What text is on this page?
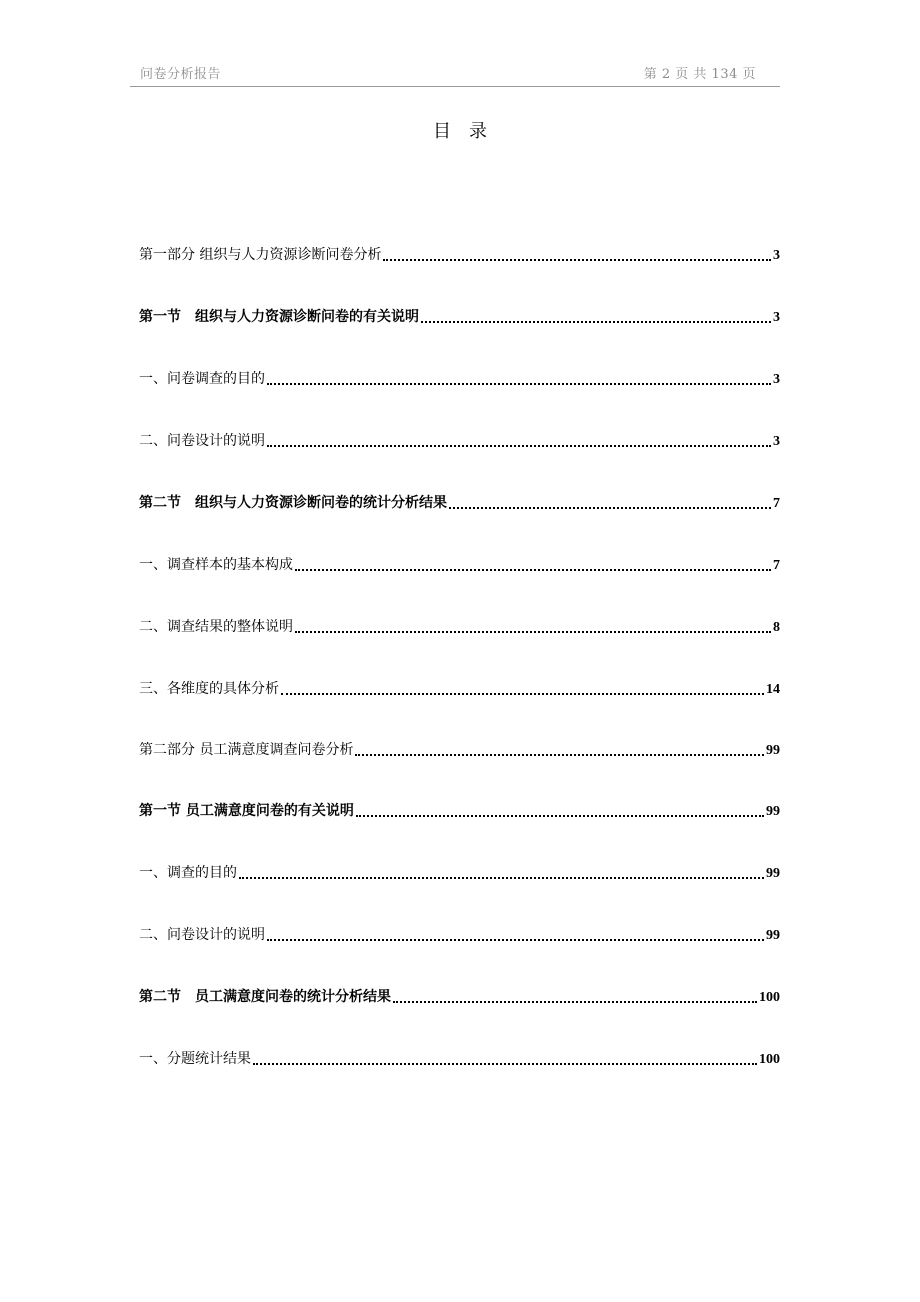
问卷分析报告	第 2 页 共 134 页
目录
第一部分 组织与人力资源诊断问卷分析	3
第一节　组织与人力资源诊断问卷的有关说明	3
一、问卷调查的目的	3
二、问卷设计的说明	3
第二节　组织与人力资源诊断问卷的统计分析结果	7
一、调查样本的基本构成	7
二、调查结果的整体说明	8
三、各维度的具体分析	14
第二部分 员工满意度调查问卷分析	99
第一节 员工满意度问卷的有关说明	99
一、调查的目的	99
二、问卷设计的说明	99
第二节　员工满意度问卷的统计分析结果	100
一、分题统计结果	100
